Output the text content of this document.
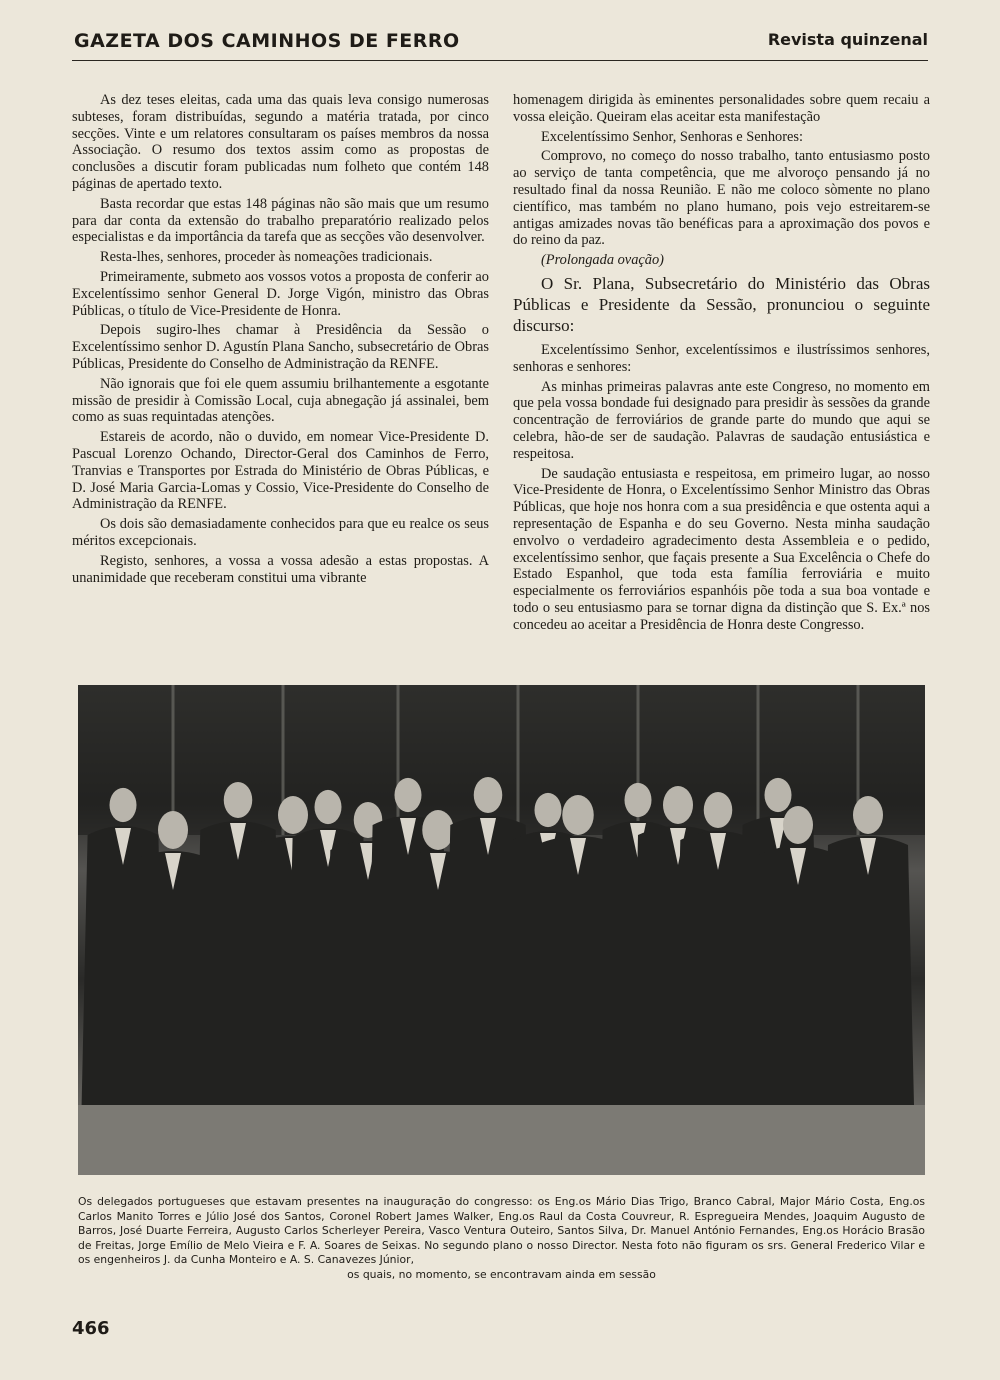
GAZETA DOS CAMINHOS DE FERRO	Revista quinzenal

As dez teses eleitas, cada uma das quais leva consigo numerosas subteses, foram distribuídas, segundo a matéria tratada, por cinco secções. Vinte e um relatores consultaram os países membros da nossa Associação. O resumo dos textos assim como as propostas de conclusões a discutir foram publicadas num folheto que contém 148 páginas de apertado texto.

Basta recordar que estas 148 páginas não são mais que um resumo para dar conta da extensão do trabalho preparatório realizado pelos especialistas e da importância da tarefa que as secções vão desenvolver.

Resta-lhes, senhores, proceder às nomeações tradicionais.

Primeiramente, submeto aos vossos votos a proposta de conferir ao Excelentíssimo senhor General D. Jorge Vigón, ministro das Obras Públicas, o título de Vice-Presidente de Honra.

Depois sugiro-lhes chamar à Presidência da Sessão o Excelentíssimo senhor D. Agustín Plana Sancho, subsecretário de Obras Públicas, Presidente do Conselho de Administração da RENFE.

Não ignorais que foi ele quem assumiu brilhantemente a esgotante missão de presidir à Comissão Local, cuja abnegação já assinalei, bem como as suas requintadas atenções.

Estareis de acordo, não o duvido, em nomear Vice-Presidente D. Pascual Lorenzo Ochando, Director-Geral dos Caminhos de Ferro, Tranvias e Transportes por Estrada do Ministério de Obras Públicas, e D. José Maria Garcia-Lomas y Cossio, Vice-Presidente do Conselho de Administração da RENFE.

Os dois são demasiadamente conhecidos para que eu realce os seus méritos excepcionais.

Registo, senhores, a vossa a vossa adesão a estas propostas. A unanimidade que receberam constitui uma vibrante

homenagem dirigida às eminentes personalidades sobre quem recaiu a vossa eleição. Queiram elas aceitar esta manifestação

Excelentíssimo Senhor, Senhoras e Senhores:

Comprovo, no começo do nosso trabalho, tanto entusiasmo posto ao serviço de tanta competência, que me alvoroço pensando já no resultado final da nossa Reunião. E não me coloco sòmente no plano científico, mas também no plano humano, pois vejo estreitarem-se antigas amizades novas tão benéficas para a aproximação dos povos e do reino da paz.

(Prolongada ovação)

O Sr. Plana, Subsecretário do Ministério das Obras Públicas e Presidente da Sessão, pronunciou o seguinte discurso:

Excelentíssimo Senhor, excelentíssimos e ilustríssimos senhores, senhoras e senhores:

As minhas primeiras palavras ante este Congreso, no momento em que pela vossa bondade fui designado para presidir às sessões da grande concentração de ferroviários de grande parte do mundo que aqui se celebra, hão-de ser de saudação. Palavras de saudação entusiástica e respeitosa.

De saudação entusiasta e respeitosa, em primeiro lugar, ao nosso Vice-Presidente de Honra, o Excelentíssimo Senhor Ministro das Obras Públicas, que hoje nos honra com a sua presidência e que ostenta aqui a representação de Espanha e do seu Governo. Nesta minha saudação envolvo o verdadeiro agradecimento desta Assembleia e o pedido, excelentíssimo senhor, que façais presente a Sua Excelência o Chefe do Estado Espanhol, que toda esta família ferroviária e muito especialmente os ferroviários espanhóis põe toda a sua boa vontade e todo o seu entusiasmo para se tornar digna da distinção que S. Ex.ª nos concedeu ao aceitar a Presidência de Honra deste Congresso.

Os delegados portugueses que estavam presentes na inauguração do congresso: os Eng.os Mário Dias Trigo, Branco Cabral, Major Mário Costa, Eng.os Carlos Manito Torres e Júlio José dos Santos, Coronel Robert James Walker, Eng.os Raul da Costa Couvreur, R. Espregueira Mendes, Joaquim Augusto de Barros, José Duarte Ferreira, Augusto Carlos Scherleyer Pereira, Vasco Ventura Outeiro, Santos Silva, Dr. Manuel António Fernandes, Eng.os Horácio Brasão de Freitas, Jorge Emílio de Melo Vieira e F. A. Soares de Seixas. No segundo plano o nosso Director. Nesta foto não figuram os srs. General Frederico Vilar e os engenheiros J. da Cunha Monteiro e A. S. Canavezes Júnior,
os quais, no momento, se encontravam ainda em sessão
466
